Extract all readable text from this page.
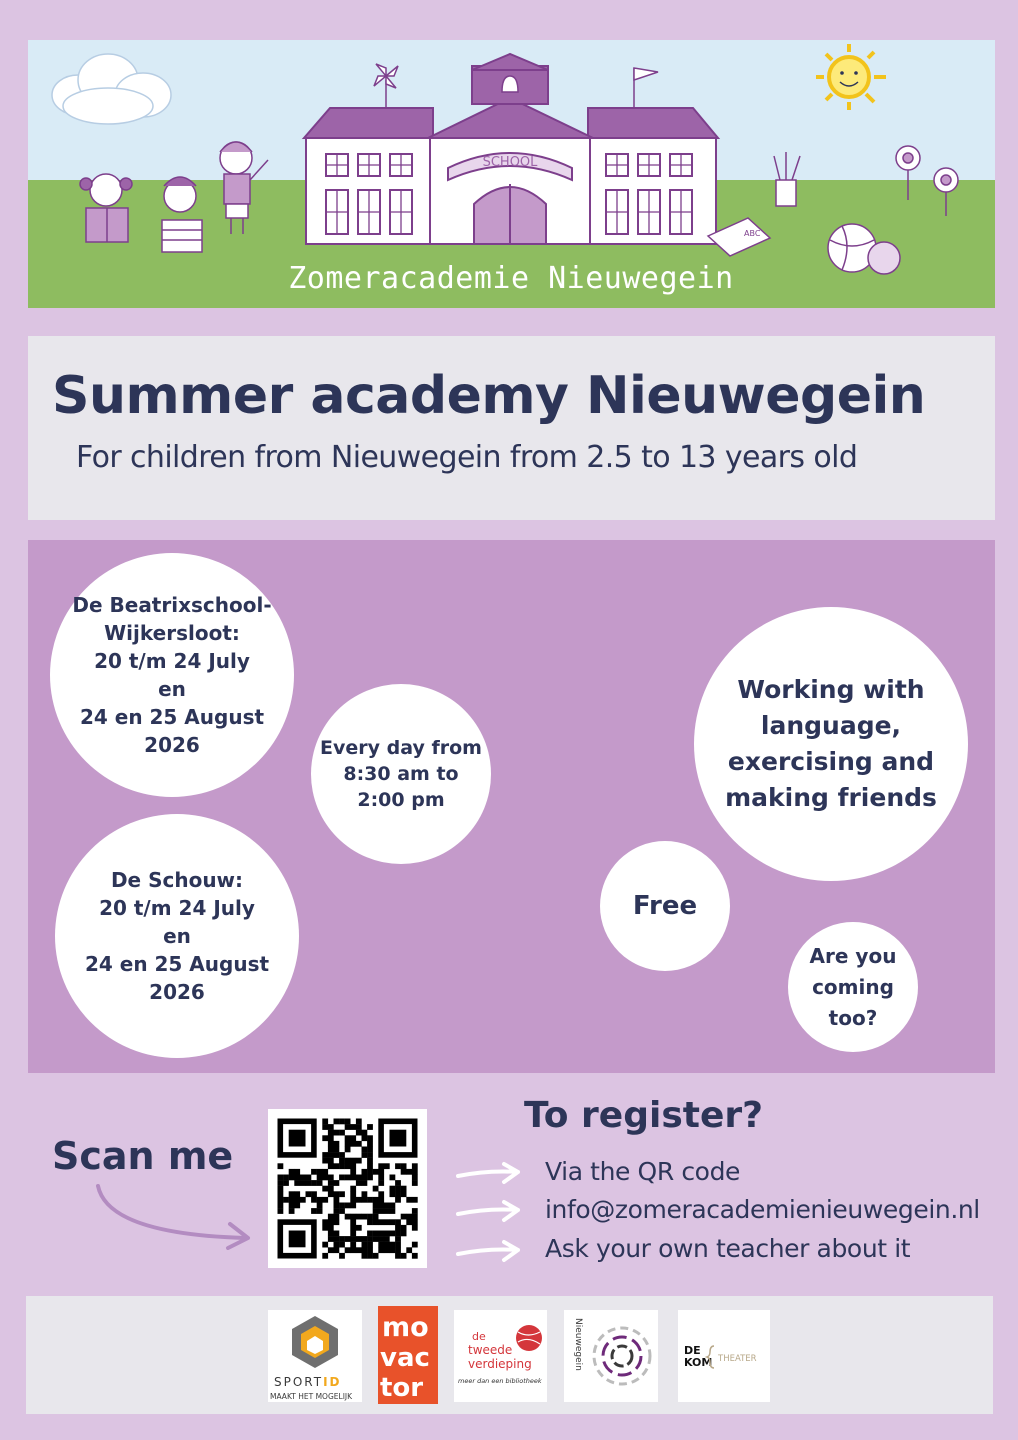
SCHOOL
ABC
Zomeracademie Nieuwegein
Summer academy Nieuwegein
For children from Nieuwegein from 2.5 to 13 years old
De Beatrixschool-
Wijkersloot:
20 t/m 24 July
en
24 en 25 August
2026	Every day from
8:30 am to
2:00 pm
De Schouw:
20 t/m 24 July
en
24 en 25 August
2026
Working with
language,
exercising and
making friends
Free
Are you
coming
too?
Scan me
To register?
Via the QR code
info@zomeracademienieuwegein.nl
Ask your own teacher about it
SPORTID
MAAKT HET MOGELIJK
mo
vac
tor
de
tweede
verdieping
meer dan een bibliotheek
Nieuwegein	DE
KOM THEATER
